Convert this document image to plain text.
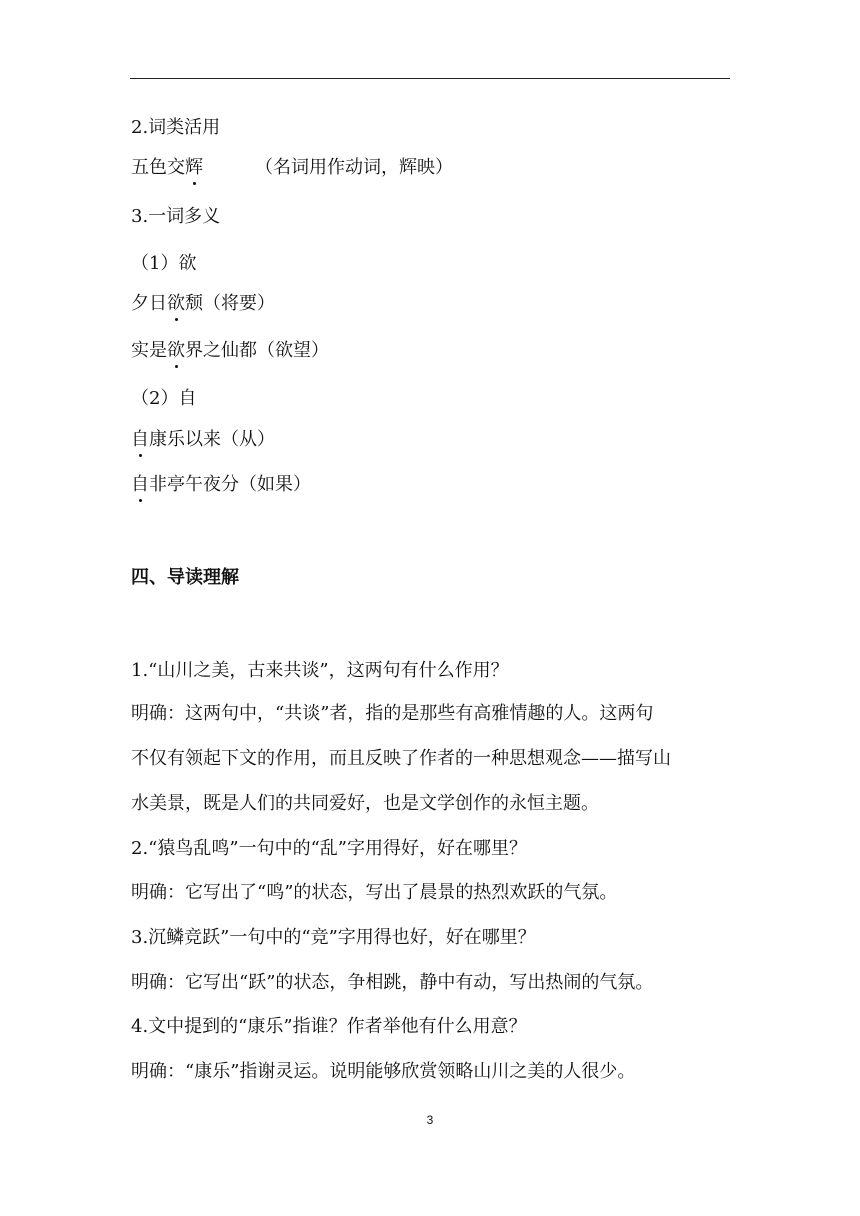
2.词类活用
五色交辉	（名词用作动词，辉映）
3.一词多义
（1）欲
夕日欲颓（将要）
实是欲界之仙都（欲望）
（2）自
自康乐以来（从）
自非亭午夜分（如果）
四、导读理解
1.“山川之美，古来共谈”，这两句有什么作用？
明确：这两句中，“共谈”者，指的是那些有高雅情趣的人。这两句
不仅有领起下文的作用，而且反映了作者的一种思想观念——描写山
水美景，既是人们的共同爱好，也是文学创作的永恒主题。
2.“猿鸟乱鸣”一句中的“乱”字用得好，好在哪里？
明确：它写出了“鸣”的状态，写出了晨景的热烈欢跃的气氛。
3.沉鳞竞跃”一句中的“竞”字用得也好，好在哪里？
明确：它写出“跃”的状态，争相跳，静中有动，写出热闹的气氛。
4.文中提到的“康乐”指谁？作者举他有什么用意？
明确：“康乐”指谢灵运。说明能够欣赏领略山川之美的人很少。
3
